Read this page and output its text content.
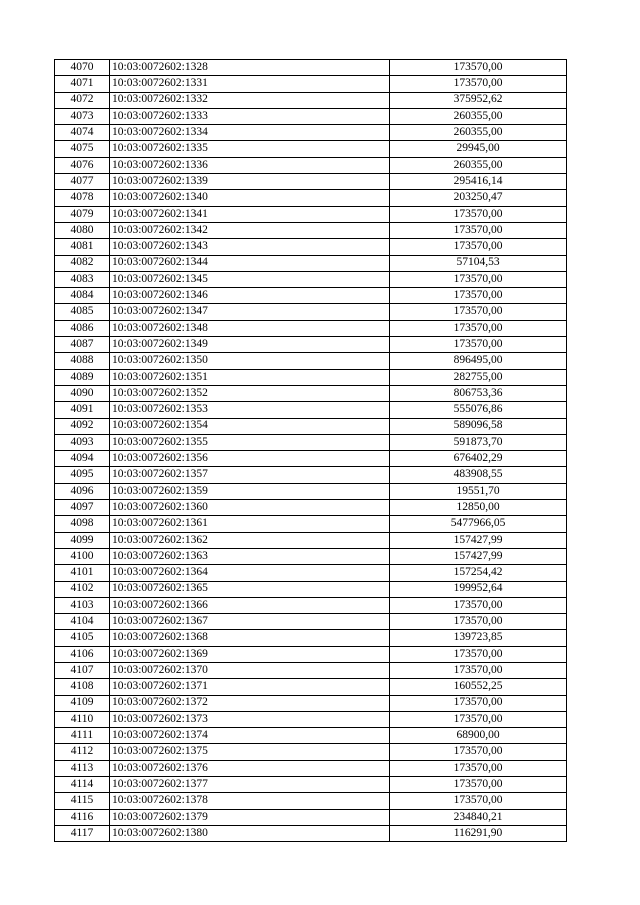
4070	10:03:0072602:1328	173570,00
4071	10:03:0072602:1331	173570,00
4072	10:03:0072602:1332	375952,62
4073	10:03:0072602:1333	260355,00
4074	10:03:0072602:1334	260355,00
4075	10:03:0072602:1335	29945,00
4076	10:03:0072602:1336	260355,00
4077	10:03:0072602:1339	295416,14
4078	10:03:0072602:1340	203250,47
4079	10:03:0072602:1341	173570,00
4080	10:03:0072602:1342	173570,00
4081	10:03:0072602:1343	173570,00
4082	10:03:0072602:1344	57104,53
4083	10:03:0072602:1345	173570,00
4084	10:03:0072602:1346	173570,00
4085	10:03:0072602:1347	173570,00
4086	10:03:0072602:1348	173570,00
4087	10:03:0072602:1349	173570,00
4088	10:03:0072602:1350	896495,00
4089	10:03:0072602:1351	282755,00
4090	10:03:0072602:1352	806753,36
4091	10:03:0072602:1353	555076,86
4092	10:03:0072602:1354	589096,58
4093	10:03:0072602:1355	591873,70
4094	10:03:0072602:1356	676402,29
4095	10:03:0072602:1357	483908,55
4096	10:03:0072602:1359	19551,70
4097	10:03:0072602:1360	12850,00
4098	10:03:0072602:1361	5477966,05
4099	10:03:0072602:1362	157427,99
4100	10:03:0072602:1363	157427,99
4101	10:03:0072602:1364	157254,42
4102	10:03:0072602:1365	199952,64
4103	10:03:0072602:1366	173570,00
4104	10:03:0072602:1367	173570,00
4105	10:03:0072602:1368	139723,85
4106	10:03:0072602:1369	173570,00
4107	10:03:0072602:1370	173570,00
4108	10:03:0072602:1371	160552,25
4109	10:03:0072602:1372	173570,00
4110	10:03:0072602:1373	173570,00
4111	10:03:0072602:1374	68900,00
4112	10:03:0072602:1375	173570,00
4113	10:03:0072602:1376	173570,00
4114	10:03:0072602:1377	173570,00
4115	10:03:0072602:1378	173570,00
4116	10:03:0072602:1379	234840,21
4117	10:03:0072602:1380	116291,90
